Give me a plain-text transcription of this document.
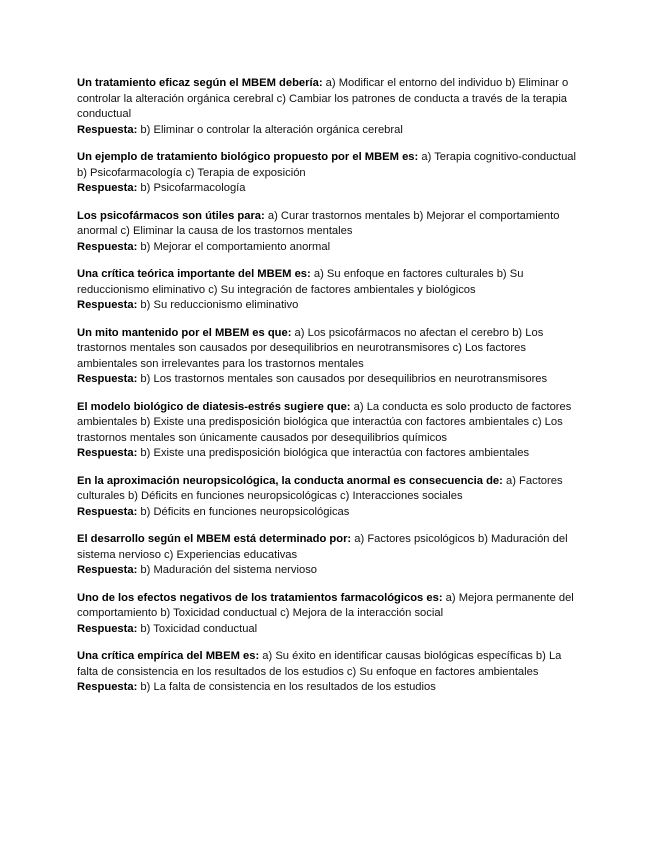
Un tratamiento eficaz según el MBEM debería: a) Modificar el entorno del individuo b) Eliminar o controlar la alteración orgánica cerebral c) Cambiar los patrones de conducta a través de la terapia conductual

Respuesta: b) Eliminar o controlar la alteración orgánica cerebral

Un ejemplo de tratamiento biológico propuesto por el MBEM es: a) Terapia cognitivo-conductual b) Psicofarmacología c) Terapia de exposición

Respuesta: b) Psicofarmacología

Los psicofármacos son útiles para: a) Curar trastornos mentales b) Mejorar el comportamiento anormal c) Eliminar la causa de los trastornos mentales

Respuesta: b) Mejorar el comportamiento anormal

Una crítica teórica importante del MBEM es: a) Su enfoque en factores culturales b) Su reduccionismo eliminativo c) Su integración de factores ambientales y biológicos

Respuesta: b) Su reduccionismo eliminativo

Un mito mantenido por el MBEM es que: a) Los psicofármacos no afectan el cerebro b) Los trastornos mentales son causados por desequilibrios en neurotransmisores c) Los factores ambientales son irrelevantes para los trastornos mentales

Respuesta: b) Los trastornos mentales son causados por desequilibrios en neurotransmisores

El modelo biológico de diatesis-estrés sugiere que: a) La conducta es solo producto de factores ambientales b) Existe una predisposición biológica que interactúa con factores ambientales c) Los trastornos mentales son únicamente causados por desequilibrios químicos

Respuesta: b) Existe una predisposición biológica que interactúa con factores ambientales

En la aproximación neuropsicológica, la conducta anormal es consecuencia de: a) Factores culturales b) Déficits en funciones neuropsicológicas c) Interacciones sociales

Respuesta: b) Déficits en funciones neuropsicológicas

El desarrollo según el MBEM está determinado por: a) Factores psicológicos b) Maduración del sistema nervioso c) Experiencias educativas

Respuesta: b) Maduración del sistema nervioso

Uno de los efectos negativos de los tratamientos farmacológicos es: a) Mejora permanente del comportamiento b) Toxicidad conductual c) Mejora de la interacción social

Respuesta: b) Toxicidad conductual

Una crítica empírica del MBEM es: a) Su éxito en identificar causas biológicas específicas b) La falta de consistencia en los resultados de los estudios c) Su enfoque en factores ambientales

Respuesta: b) La falta de consistencia en los resultados de los estudios
